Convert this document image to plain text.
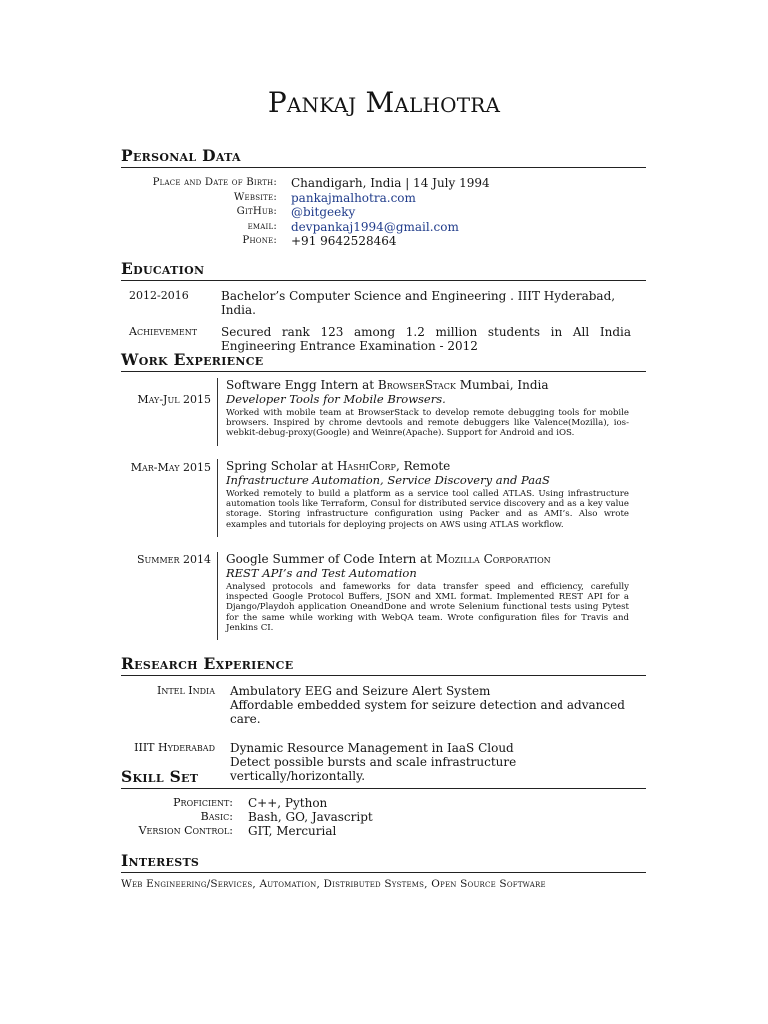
Pankaj Malhotra
Personal Data
Place and Date of Birth: Chandigarh, India | 14 July 1994
Website: pankajmalhotra.com
GitHub: @bitgeeky
email: devpankaj1994@gmail.com
Phone: +91 9642528464
Education
2012-2016	Bachelor’s Computer Science and Engineering . IIIT Hyderabad, India.
Achievement	Secured rank 123 among 1.2 million students in All India Engineering Entrance Examination - 2012
Work Experience
May-Jul 2015
Software Engg Intern at BrowserStack Mumbai, India
Developer Tools for Mobile Browsers.
Worked with mobile team at BrowserStack to develop remote debugging tools for mobile browsers. Inspired by chrome devtools and remote debuggers like Valence(Mozilla), ios-webkit-debug-proxy(Google) and Weinre(Apache). Support for Android and iOS.
Mar-May 2015 Spring Scholar at HashiCorp, Remote
Infrastructure Automation, Service Discovery and PaaS
Worked remotely to build a platform as a service tool called ATLAS. Using infrastructure automation tools like Terraform, Consul for distributed service discovery and as a key value storage. Storing infrastructure configuration using Packer and as AMI’s. Also wrote examples and tutorials for deploying projects on AWS using ATLAS workflow.
Summer 2014 Google Summer of Code Intern at Mozilla Corporation
REST API’s and Test Automation
Analysed protocols and fameworks for data transfer speed and efficiency, carefully inspected Google Protocol Buffers, JSON and XML format. Implemented REST API for a Django/Playdoh application OneandDone and wrote Selenium functional tests using Pytest for the same while working with WebQA team. Wrote configuration files for Travis and Jenkins CI.
Research Experience
Intel India Ambulatory EEG and Seizure Alert System
Affordable embedded system for seizure detection and advanced care.
IIIT Hyderabad Dynamic Resource Management in IaaS Cloud
Detect possible bursts and scale infrastructure vertically/horizontally.
Skill Set
Proficient: C++, Python
Basic: Bash, GO, Javascript
Version Control: GIT, Mercurial
Interests
Web Engineering/Services, Automation, Distributed Systems, Open Source Software
